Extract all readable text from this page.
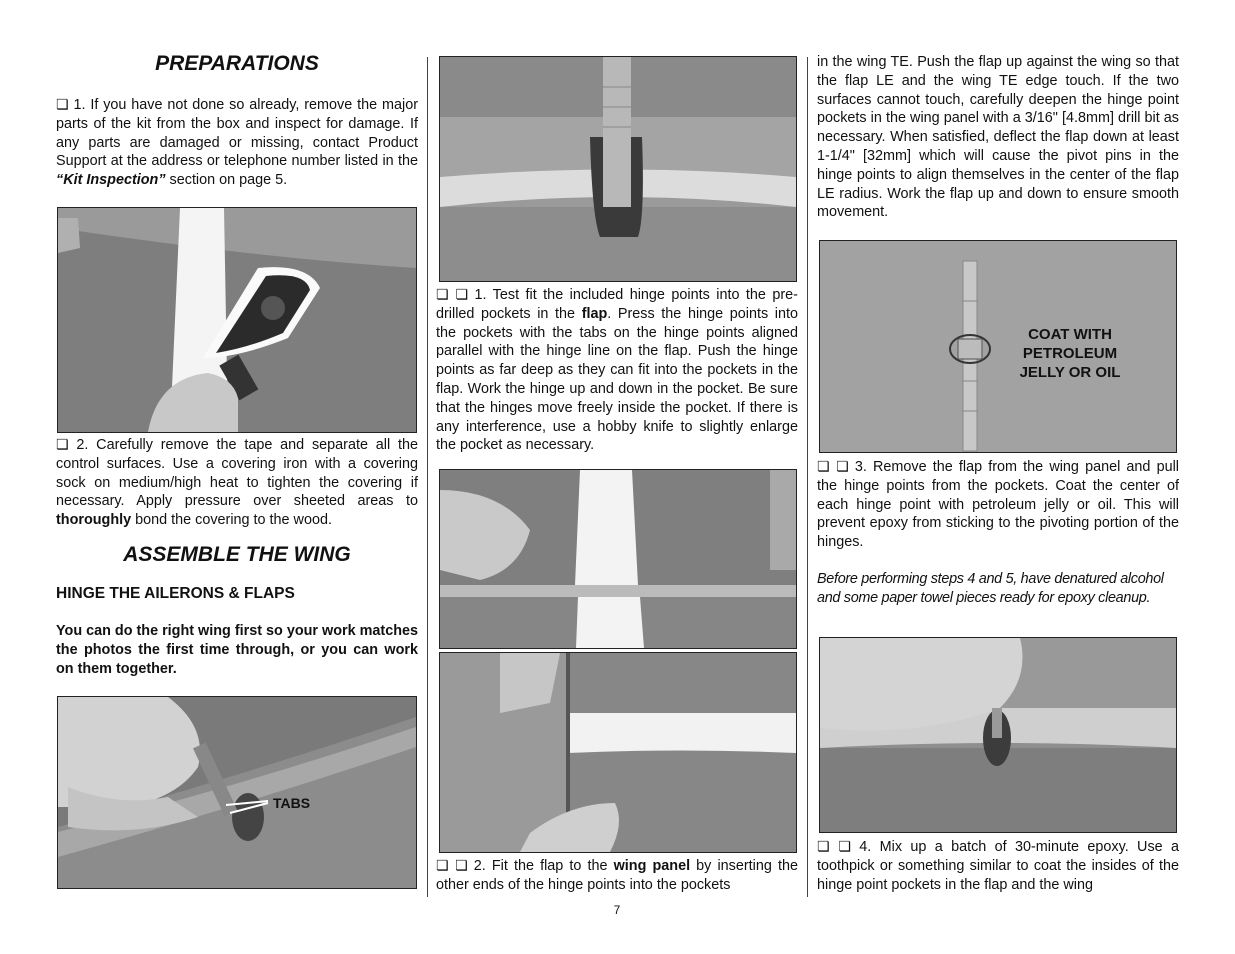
PREPARATIONS

❏ 1. If you have not done so already, remove the major parts of the kit from the box and inspect for damage. If any parts are damaged or missing, contact Product Support at the address or telephone number listed in the “Kit Inspection” section on page 5.

❏ 2. Carefully remove the tape and separate all the control surfaces. Use a covering iron with a covering sock on medium/high heat to tighten the covering if necessary. Apply pressure over sheeted areas to thoroughly bond the covering to the wood.

ASSEMBLE THE WING
HINGE THE AILERONS & FLAPS

You can do the right wing first so your work matches the photos the first time through, or you can work on them together.

TABS

❏ ❏ 1. Test fit the included hinge points into the pre-drilled pockets in the flap. Press the hinge points into the pockets with the tabs on the hinge points aligned parallel with the hinge line on the flap. Push the hinge points as far deep as they can fit into the pockets in the flap. Work the hinge up and down in the pocket. Be sure that the hinges move freely inside the pocket. If there is any interference, use a hobby knife to slightly enlarge the pocket as necessary.

❏ ❏ 2. Fit the flap to the wing panel by inserting the other ends of the hinge points into the pockets

in the wing TE. Push the flap up against the wing so that the flap LE and the wing TE edge touch. If the two surfaces cannot touch, carefully deepen the hinge point pockets in the wing panel with a 3/16" [4.8mm] drill bit as necessary. When satisfied, deflect the flap down at least 1-1/4" [32mm] which will cause the pivot pins in the hinge points to align themselves in the center of the flap LE radius. Work the flap up and down to ensure smooth movement.

COAT WITH
PETROLEUM
JELLY OR OIL

❏ ❏ 3. Remove the flap from the wing panel and pull the hinge points from the pockets. Coat the center of each hinge point with petroleum jelly or oil. This will prevent epoxy from sticking to the pivoting portion of the hinges.

Before performing steps 4 and 5, have denatured alcohol and some paper towel pieces ready for epoxy cleanup.

❏ ❏ 4. Mix up a batch of 30-minute epoxy. Use a toothpick or something similar to coat the insides of the hinge point pockets in the flap and the wing

7
